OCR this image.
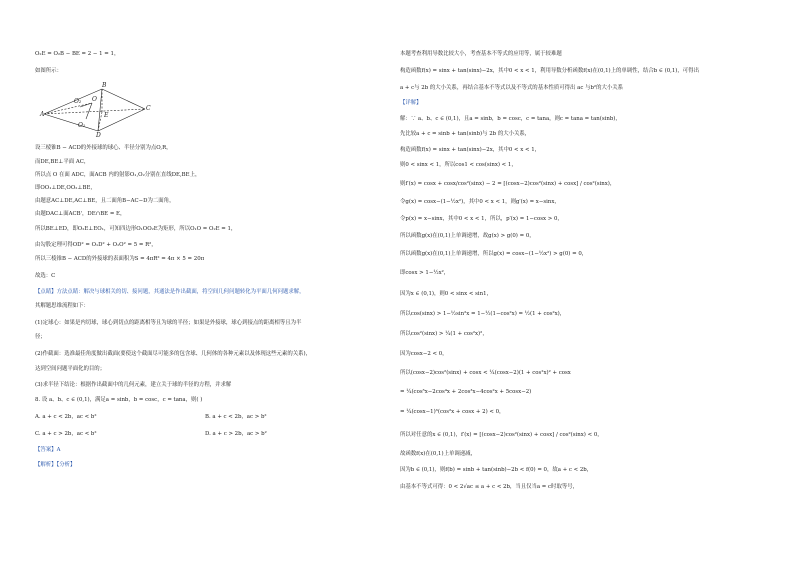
A
B
C
D
E
O
O₁
O₂
O₂E = O₂B − BE = 2 − 1 = 1，
如图所示：
设三棱锥B − ACD的外接球的球心、半径分别为点O,R，
而DE,BE⊥平面 AC，
所以点 O 在面 ADC，面ACB 内的射影O₁,O₂分别在直线DE,BE上，
即OO₁⊥DE,OO₂⊥BE，
由题意AC⊥DE,AC⊥BE，且二面角B−AC−D为二面角，
由题DAC⊥面ACB'，DE∩BE = E，
所以BE⊥ED，即O₂E⊥EO₁，可知四边形O₁OO₂E为矩形，所以O₁O = O₂E = 1，
由勾股定理可得OD² = O₁D² + O₁O² = 5 = R²，
所以三棱锥B − ACD的外接球的表面积为S = 4πR² = 4π × 5 = 20π
故选：C
【点睛】方法点睛：解决与球相关的切、接问题，其通法是作出截面，将空间几何问题转化为平面几何问题求解，
其解题思维流程如下：
(1)定球心：如果是内切球，球心到切点的距离相等且为球的半径；如果是外接球，球心到接点的距离相等且为半
径；
(2)作截面：选准最佳角度做出截面(要使这个截面尽可能多的包含球、几何体的各种元素以及体现这些元素的关系)，
达到空间问题平面化的目的；
(3)求半径下结论：根据作出截面中的几何元素，建立关于球的半径的方程，并求解
8. 设 a、b、c ∈ (0,1)，满足a = sinb，b = cosc，c = tana，则( )
A. a + c < 2b，ac < b²	B. a + c < 2b，ac > b²
C. a + c > 2b，ac < b²	D. a + c > 2b，ac > b²
【答案】A
【解析】【分析】
本题考查利用导数比较大小，考查基本不等式的应用等，属于较难题
构造函数f(x) = sinx + tan(sinx)−2x，其中0 < x < 1，利用导数分析函数f(x)在(0,1)上的单调性，结合b ∈ (0,1)，可得出
a + c与 2b 的大小关系，再结合基本不等式以及不等式的基本性质可得出 ac 与b²的大小关系
【详解】
解：∵ a、b、c ∈ (0,1)，且a = sinb，b = cosc，c = tana，则c = tana = tan(sinb)，
先比较a + c = sinb + tan(sinb)与 2b 的大小关系，
构造函数f(x) = sinx + tan(sinx)−2x，其中0 < x < 1，
则0 < sinx < 1，所以cos1 < cos(sinx) < 1，
则f′(x) = cosx + cosx/cos²(sinx) − 2 = [(cosx−2)cos²(sinx) + cosx] / cos²(sinx)，
令g(x) = cosx−(1−½x²)，其中0 < x < 1，则g′(x) = x−sinx，
令p(x) = x−sinx，其中0 < x < 1，所以，p′(x) = 1−cosx > 0，
所以函数g(x)在(0,1)上单调递增，故g(x) > g(0) = 0，
所以函数g(x)在(0,1)上单调递增，所以g(x) = cosx−(1−½x²) > g(0) = 0，
即cosx > 1−½x²，
因为x ∈ (0,1)，则0 < sinx < sin1，
所以cos(sinx) > 1−½sin²x = 1−½(1−cos²x) = ½(1 + cos²x)，
所以cos²(sinx) > ¼(1 + cos²x)²，
因为cosx−2 < 0，
所以(cosx−2)cos²(sinx) + cosx < ¼(cosx−2)(1 + cos²x)² + cosx
= ¼(cos⁵x−2cos⁴x + 2cos³x−4cos²x + 5cosx−2)
= ¼(cosx−1)³(cos²x + cosx + 2) < 0，
所以对任意的x ∈ (0,1)，f′(x) = [(cosx−2)cos²(sinx) + cosx] / cos²(sinx) < 0，
故函数f(x)在(0,1)上单调递减，
因为b ∈ (0,1)，则f(b) = sinb + tan(sinb)−2b < f(0) = 0，故a + c < 2b，
由基本不等式可得：0 < 2√ac ≤ a + c < 2b，当且仅当a = c时取等号，
